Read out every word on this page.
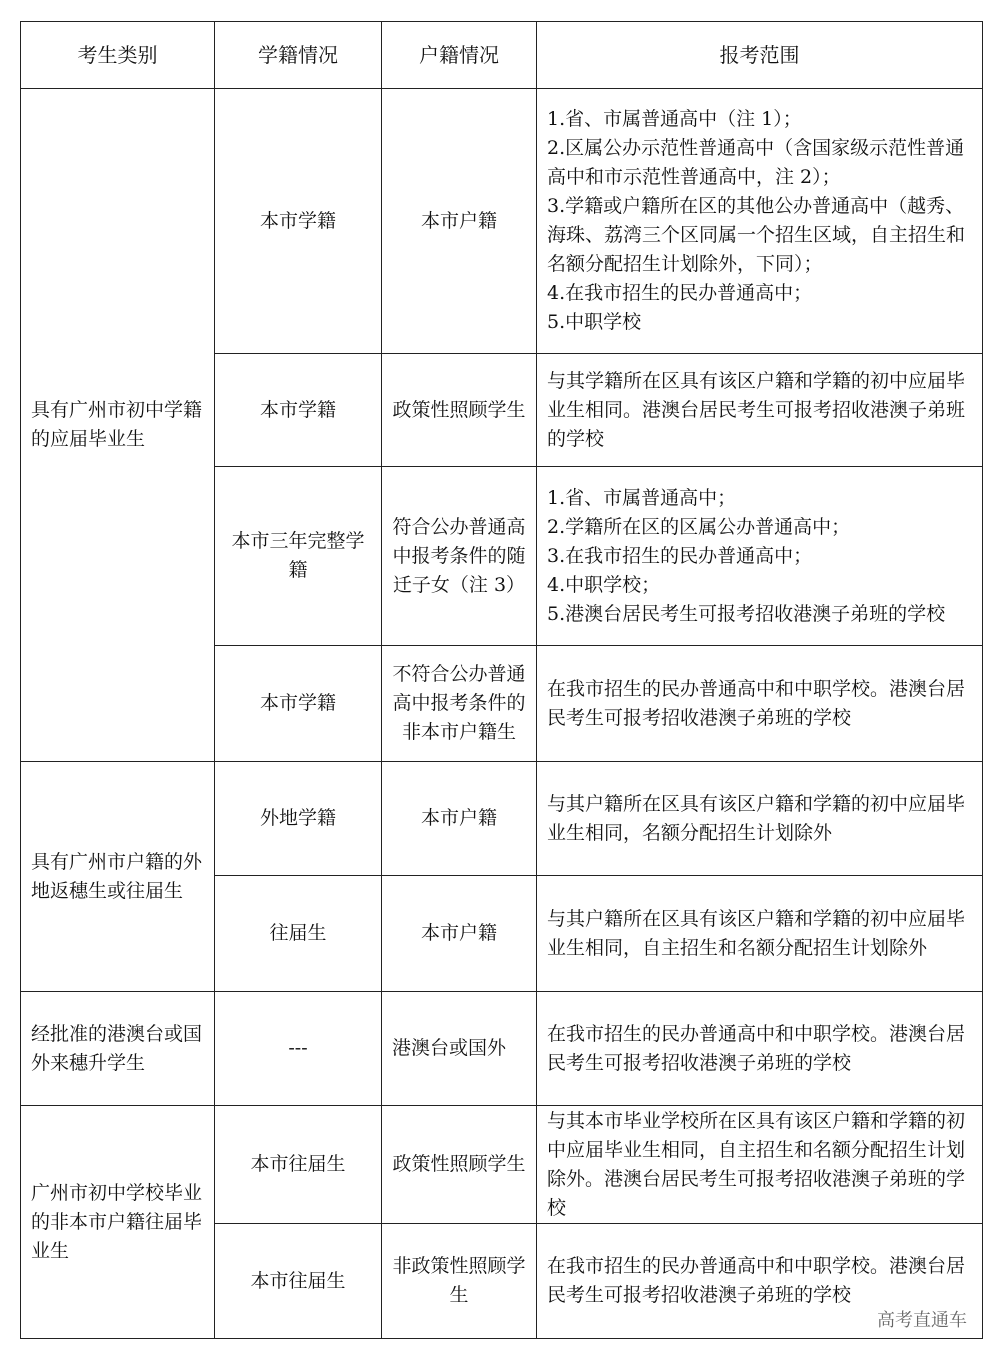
考生类别	学籍情况	户籍情况	报考范围
具有广州市初中学籍的应届毕业生	本市学籍	本市户籍	1.省、市属普通高中（注 1）；
2.区属公办示范性普通高中（含国家级示范性普通高中和市示范性普通高中，注 2）；
3.学籍或户籍所在区的其他公办普通高中（越秀、海珠、荔湾三个区同属一个招生区域，自主招生和名额分配招生计划除外，下同）；
4.在我市招生的民办普通高中；
5.中职学校

	本市学籍	政策性照顾学生	与其学籍所在区具有该区户籍和学籍的初中应届毕业生相同。港澳台居民考生可报考招收港澳子弟班的学校

	本市三年完整学籍	符合公办普通高中报考条件的随迁子女（注 3）	1.省、市属普通高中；
2.学籍所在区的区属公办普通高中；
3.在我市招生的民办普通高中；
4.中职学校；
5.港澳台居民考生可报考招收港澳子弟班的学校

	本市学籍	不符合公办普通高中报考条件的非本市户籍生	在我市招生的民办普通高中和中职学校。港澳台居民考生可报考招收港澳子弟班的学校

具有广州市户籍的外地返穗生或往届生	外地学籍	本市户籍	与其户籍所在区具有该区户籍和学籍的初中应届毕业生相同，名额分配招生计划除外

	往届生	本市户籍	与其户籍所在区具有该区户籍和学籍的初中应届毕业生相同，自主招生和名额分配招生计划除外

经批准的港澳台或国外来穗升学生	---	港澳台或国外	在我市招生的民办普通高中和中职学校。港澳台居民考生可报考招收港澳子弟班的学校

广州市初中学校毕业的非本市户籍往届毕业生	本市往届生	政策性照顾学生	与其本市毕业学校所在区具有该区户籍和学籍的初中应届毕业生相同，自主招生和名额分配招生计划除外。港澳台居民考生可报考招收港澳子弟班的学校

	本市往届生	非政策性照顾学生	在我市招生的民办普通高中和中职学校。港澳台居民考生可报考招收港澳子弟班的学校
高考直通车
